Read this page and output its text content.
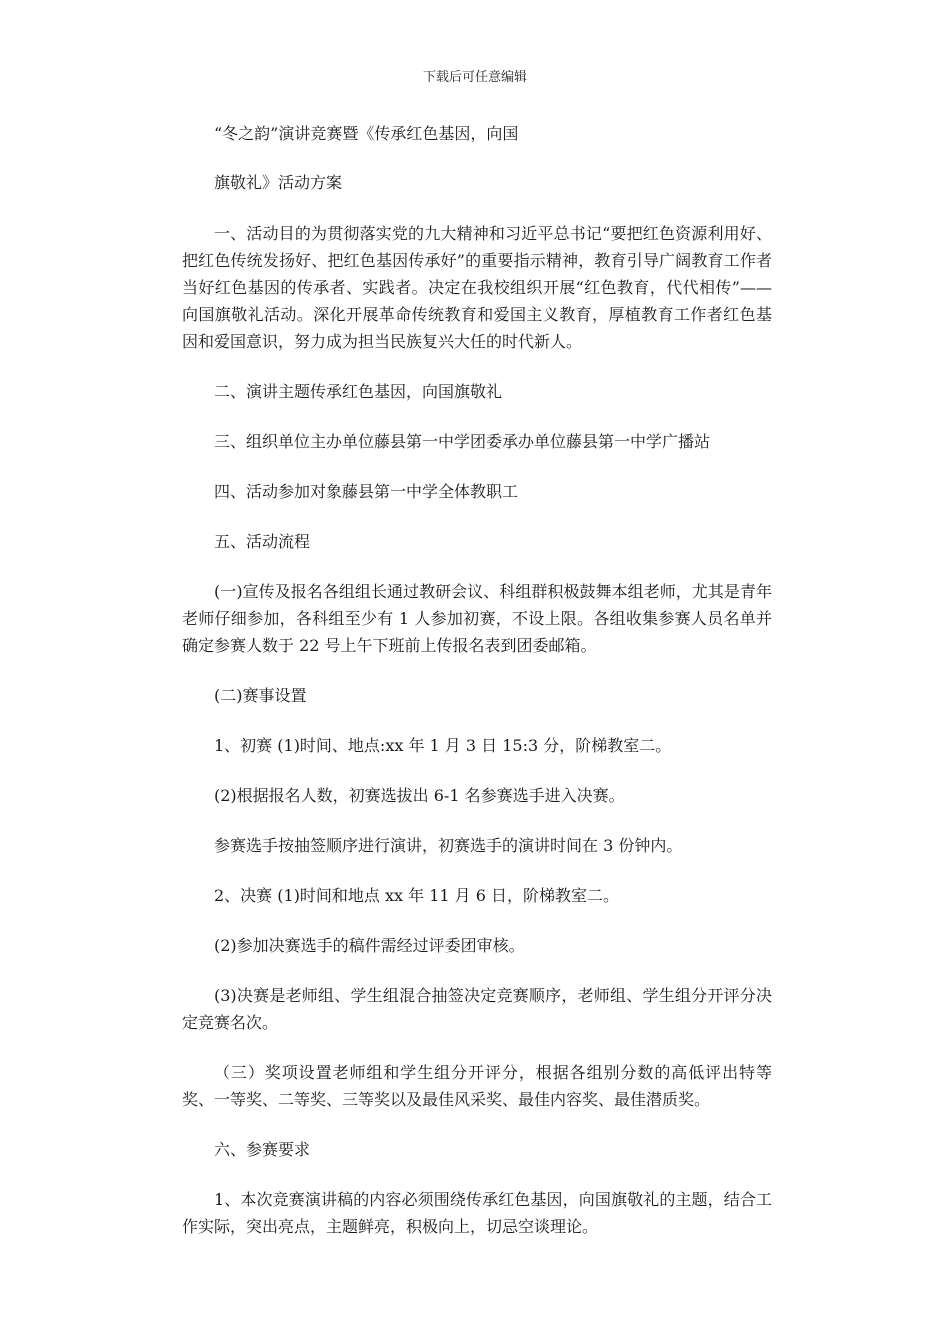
下载后可任意编辑

“冬之韵”演讲竞赛暨《传承红色基因，向国

旗敬礼》活动方案

一、活动目的为贯彻落实党的九大精神和习近平总书记“要把红色资源利用好、把红色传统发扬好、把红色基因传承好”的重要指示精神，教育引导广阔教育工作者当好红色基因的传承者、实践者。决定在我校组织开展“红色教育，代代相传”——向国旗敬礼活动。深化开展革命传统教育和爱国主义教育，厚植教育工作者红色基因和爱国意识，努力成为担当民族复兴大任的时代新人。

二、演讲主题传承红色基因，向国旗敬礼

三、组织单位主办单位藤县第一中学团委承办单位藤县第一中学广播站

四、活动参加对象藤县第一中学全体教职工

五、活动流程

(一)宣传及报名各组组长通过教研会议、科组群积极鼓舞本组老师，尤其是青年老师仔细参加，各科组至少有 1 人参加初赛，不设上限。各组收集参赛人员名单并确定参赛人数于 22 号上午下班前上传报名表到团委邮箱。

(二)赛事设置

1、初赛 (1)时间、地点:xx 年 1 月 3 日 15:3 分，阶梯教室二。

(2)根据报名人数，初赛选拔出 6-1 名参赛选手进入决赛。

参赛选手按抽签顺序进行演讲，初赛选手的演讲时间在 3 份钟内。

2、决赛 (1)时间和地点 xx 年 11 月 6 日，阶梯教室二。

(2)参加决赛选手的稿件需经过评委团审核。

(3)决赛是老师组、学生组混合抽签决定竞赛顺序，老师组、学生组分开评分决定竞赛名次。

（三）奖项设置老师组和学生组分开评分，根据各组别分数的高低评出特等奖、一等奖、二等奖、三等奖以及最佳风采奖、最佳内容奖、最佳潜质奖。

六、参赛要求

1、本次竞赛演讲稿的内容必须围绕传承红色基因，向国旗敬礼的主题，结合工作实际，突出亮点，主题鲜亮，积极向上，切忌空谈理论。
